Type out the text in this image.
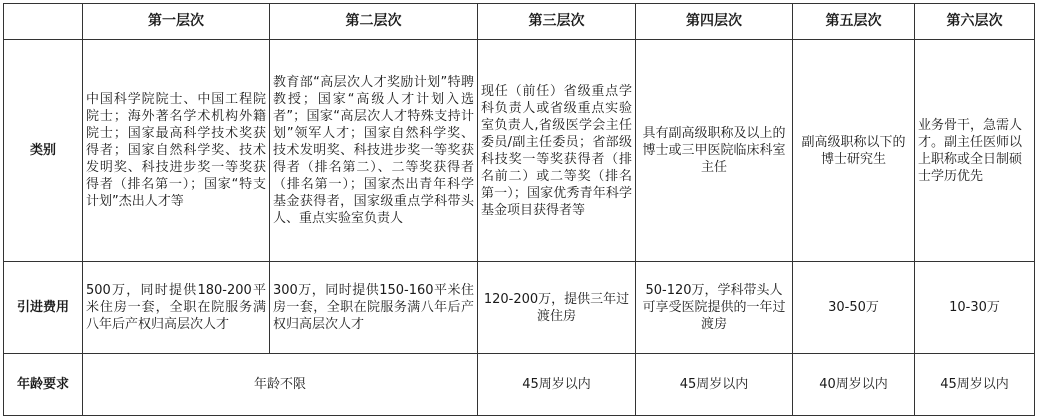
	第一层次	第二层次	第三层次	第四层次	第五层次	第六层次
类别	中国科学院院士、中国工程院院士；海外著名学术机构外籍院士；国家最高科学技术奖获得者；国家自然科学奖、技术发明奖、科技进步奖一等奖获得者（排名第一）；国家“特支计划”杰出人才等	教育部“高层次人才奖励计划”特聘教授；国家“高级人才计划入选者”；国家“高层次人才特殊支持计划”领军人才；国家自然科学奖、技术发明奖、科技进步奖一等奖获得者（排名第二）、二等奖获得者（排名第一）；国家杰出青年科学基金获得者，国家级重点学科带头人、重点实验室负责人	现任（前任）省级重点学科负责人或省级重点实验室负责人,省级医学会主任委员/副主任委员；省部级科技奖一等奖获得者（排名前二）或二等奖（排名第一）；国家优秀青年科学基金项目获得者等	具有副高级职称及以上的博士或三甲医院临床科室主任	副高级职称以下的博士研究生	业务骨干，急需人才。副主任医师以上职称或全日制硕士学历优先
引进费用	500万，同时提供180-200平米住房一套，全职在院服务满八年后产权归高层次人才	300万，同时提供150-160平米住房一套，全职在院服务满八年后产权归高层次人才	120-200万，提供三年过渡住房	50-120万，学科带头人可享受医院提供的一年过渡房	30-50万	10-30万
年龄要求	年龄不限		45周岁以内	45周岁以内	40周岁以内	45周岁以内
